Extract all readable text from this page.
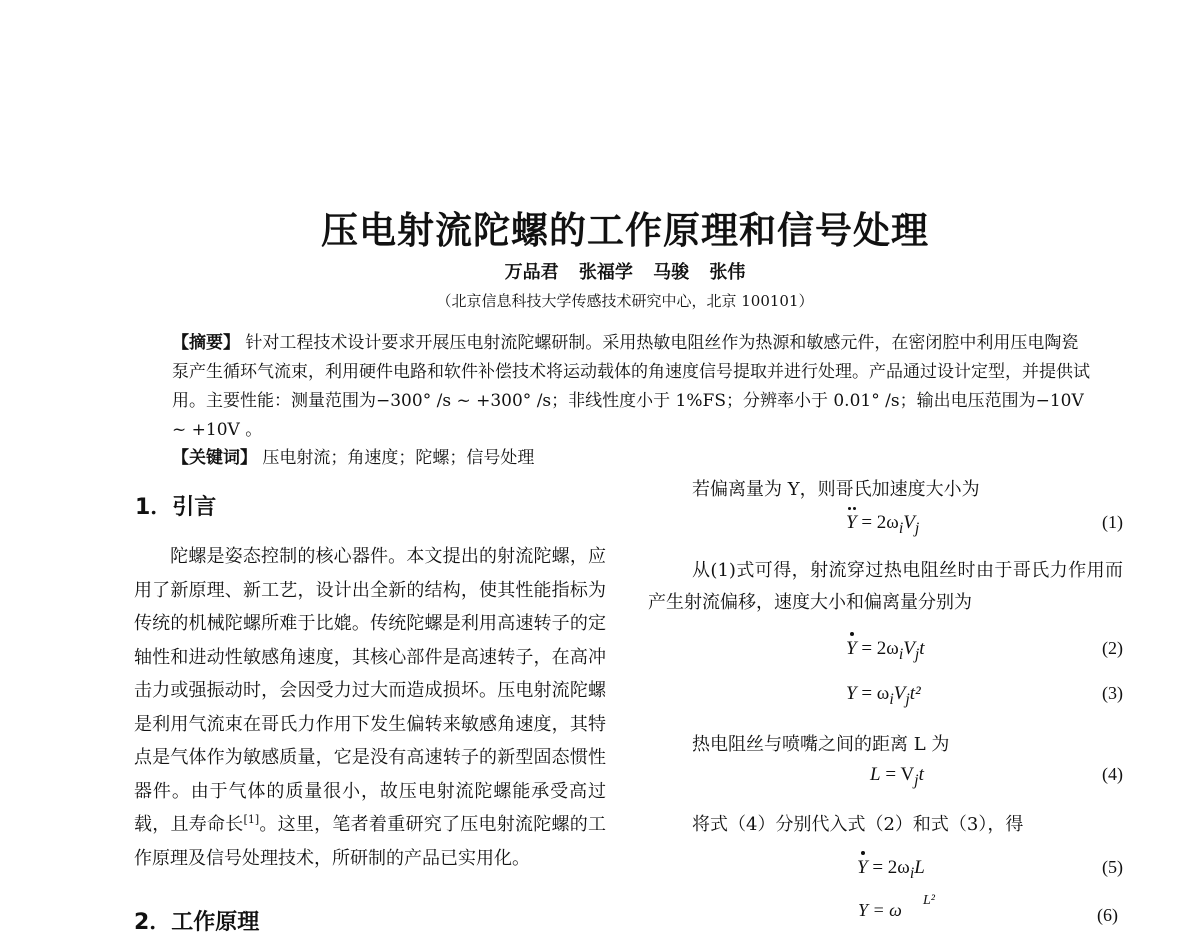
压电射流陀螺的工作原理和信号处理

万品君 张福学 马骏 张伟

（北京信息科技大学传感技术研究中心，北京 100101）

【摘要】 针对工程技术设计要求开展压电射流陀螺研制。采用热敏电阻丝作为热源和敏感元件，在密闭腔中利用压电陶瓷泵产生循环气流束，利用硬件电路和软件补偿技术将运动载体的角速度信号提取并进行处理。产品通过设计定型，并提供试用。主要性能：测量范围为−300° /s ~ +300° /s；非线性度小于 1%FS；分辨率小于 0.01° /s；输出电压范围为−10V ~ +10V 。

【关键词】 压电射流；角速度；陀螺；信号处理

1．引言

陀螺是姿态控制的核心器件。本文提出的射流陀螺，应用了新原理、新工艺，设计出全新的结构，使其性能指标为传统的机械陀螺所难于比媲。传统陀螺是利用高速转子的定轴性和进动性敏感角速度，其核心部件是高速转子，在高冲击力或强振动时，会因受力过大而造成损坏。压电射流陀螺是利用气流束在哥氏力作用下发生偏转来敏感角速度，其特点是气体作为敏感质量，它是没有高速转子的新型固态惯性器件。由于气体的质量很小，故压电射流陀螺能承受高过载，且寿命长[1]。这里，笔者着重研究了压电射流陀螺的工作原理及信号处理技术，所研制的产品已实用化。

若偏离量为 Y，则哥氏加速度大小为

$Y = 2\omega_iV_j$	(1)

从(1)式可得，射流穿过热电阻丝时由于哥氏力作用而产生射流偏移，速度大小和偏离量分别为

$Y = 2\omega_iV_jt$	(2)
$Y = \omega_iV_jt^2$	(3)

热电阻丝与喷嘴之间的距离 L 为

$L = V_jt$	(4)

将式（4）分别代入式（2）和式（3），得

$Y = 2\omega_iL$	(5)

2．工作原理

L²
Y = ω	(6)
